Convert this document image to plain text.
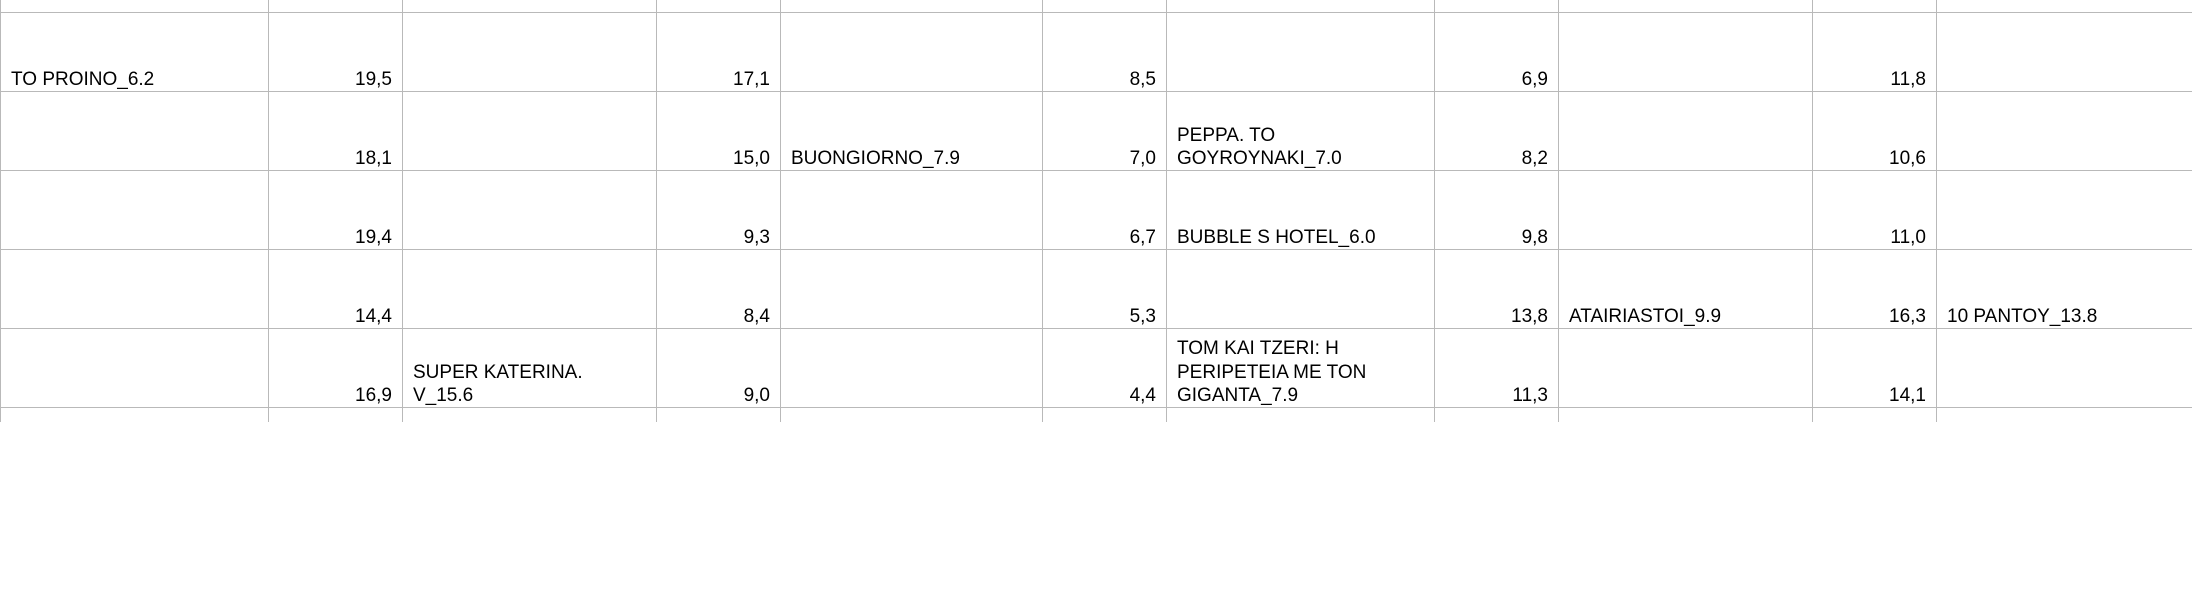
TO PROINO_6.2	19,5		17,1		8,5		6,9		11,8	
	18,1		15,0	BUONGIORNO_7.9	7,0	PEPPA. TO GOYROYNAKI_7.0	8,2		10,6	
	19,4		9,3		6,7	BUBBLE S HOTEL_6.0	9,8		11,0	
	14,4		8,4		5,3		13,8	ATAIRIASTOI_9.9	16,3	10 PANTOY_13.8
	16,9	SUPER KATERINA. V_15.6	9,0		4,4	TOM KAI TZERI: H PERIPETEIA ME TON GIGANTA_7.9	11,3		14,1	
